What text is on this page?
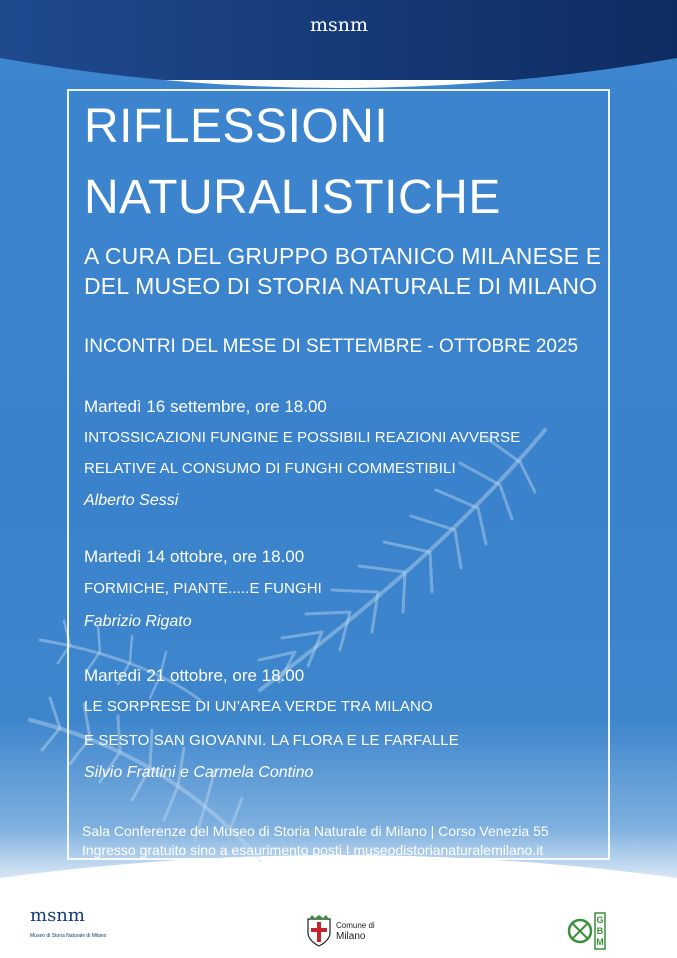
msnm
RIFLESSIONI
NATURALISTICHE
A CURA DEL GRUPPO BOTANICO MILANESE E
DEL MUSEO DI STORIA NATURALE DI MILANO
INCONTRI DEL MESE DI SETTEMBRE - OTTOBRE 2025
Martedì 16 settembre, ore 18.00
INTOSSICAZIONI FUNGINE E POSSIBILI REAZIONI AVVERSE
RELATIVE AL CONSUMO DI FUNGHI COMMESTIBILI
Alberto Sessi
Martedì 14 ottobre, ore 18.00
FORMICHE, PIANTE.....E FUNGHI
Fabrizio Rigato
Martedì 21 ottobre, ore 18.00
LE SORPRESE DI UN’AREA VERDE TRA MILANO
E SESTO SAN GIOVANNI. LA FLORA E LE FARFALLE
Silvio Frattini e Carmela Contino
Sala Conferenze del Museo di Storia Naturale di Milano | Corso Venezia 55
Ingresso gratuito sino a esaurimento posti | museodistorianaturalemilano.it
msnm
Museo di Storia Naturale di Milano
Comune di
Milano
GBM
